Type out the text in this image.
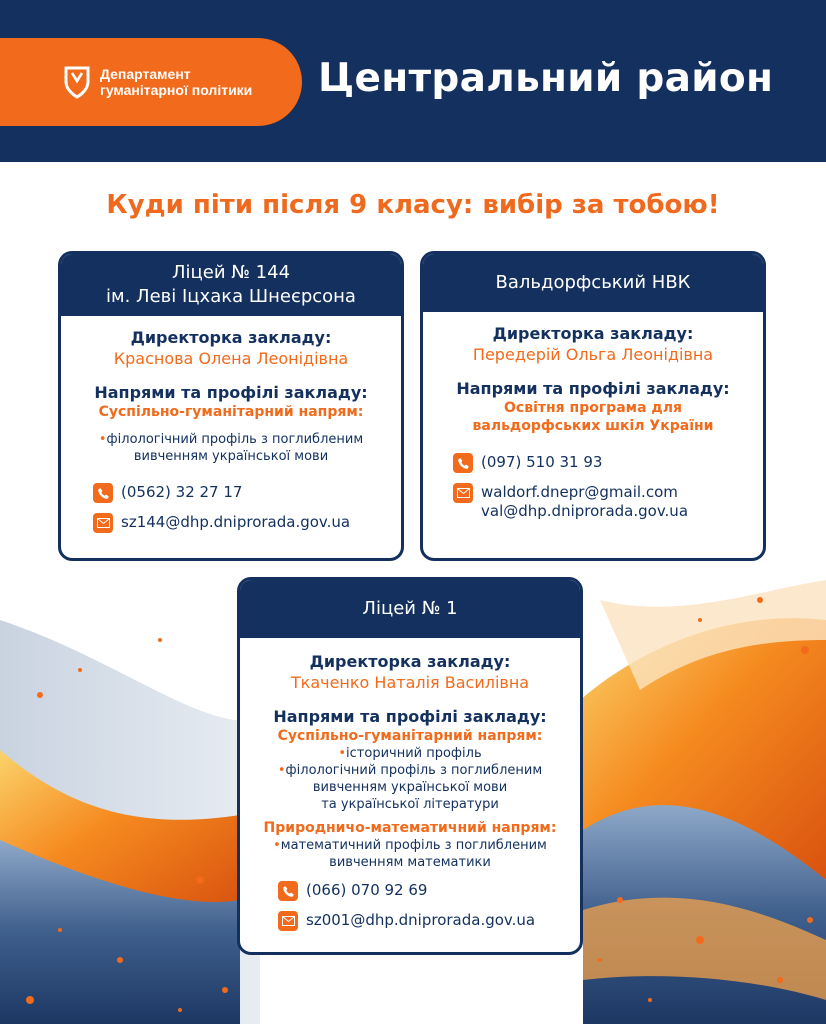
Департамент
гуманітарної політики Центральний район
Куди піти після 9 класу: вибір за тобою!
Ліцей № 144
ім. Леві Іцхака Шнеєрсона
Директорка закладу:
Краснова Олена Леонідівна
Напрями та профілі закладу:
Суспільно-гуманітарний напрям:
•філологічний профіль з поглибленим
вивченням української мови
(0562) 32 27 17
sz144@dhp.dniprorada.gov.ua
Вальдорфський НВК
Директорка закладу:
Передерій Ольга Леонідівна
Напрями та профілі закладу:
Освітня програма для
вальдорфських шкіл України
(097) 510 31 93
waldorf.dnepr@gmail.com
val@dhp.dniprorada.gov.ua
Ліцей № 1
Директорка закладу:
Ткаченко Наталія Василівна
Напрями та профілі закладу:
Суспільно-гуманітарний напрям:
•історичний профіль
•філологічний профіль з поглибленим
вивченням української мови
та української літератури
Природничо-математичний напрям:
•математичний профіль з поглибленим
вивченням математики
(066) 070 92 69
sz001@dhp.dniprorada.gov.ua
